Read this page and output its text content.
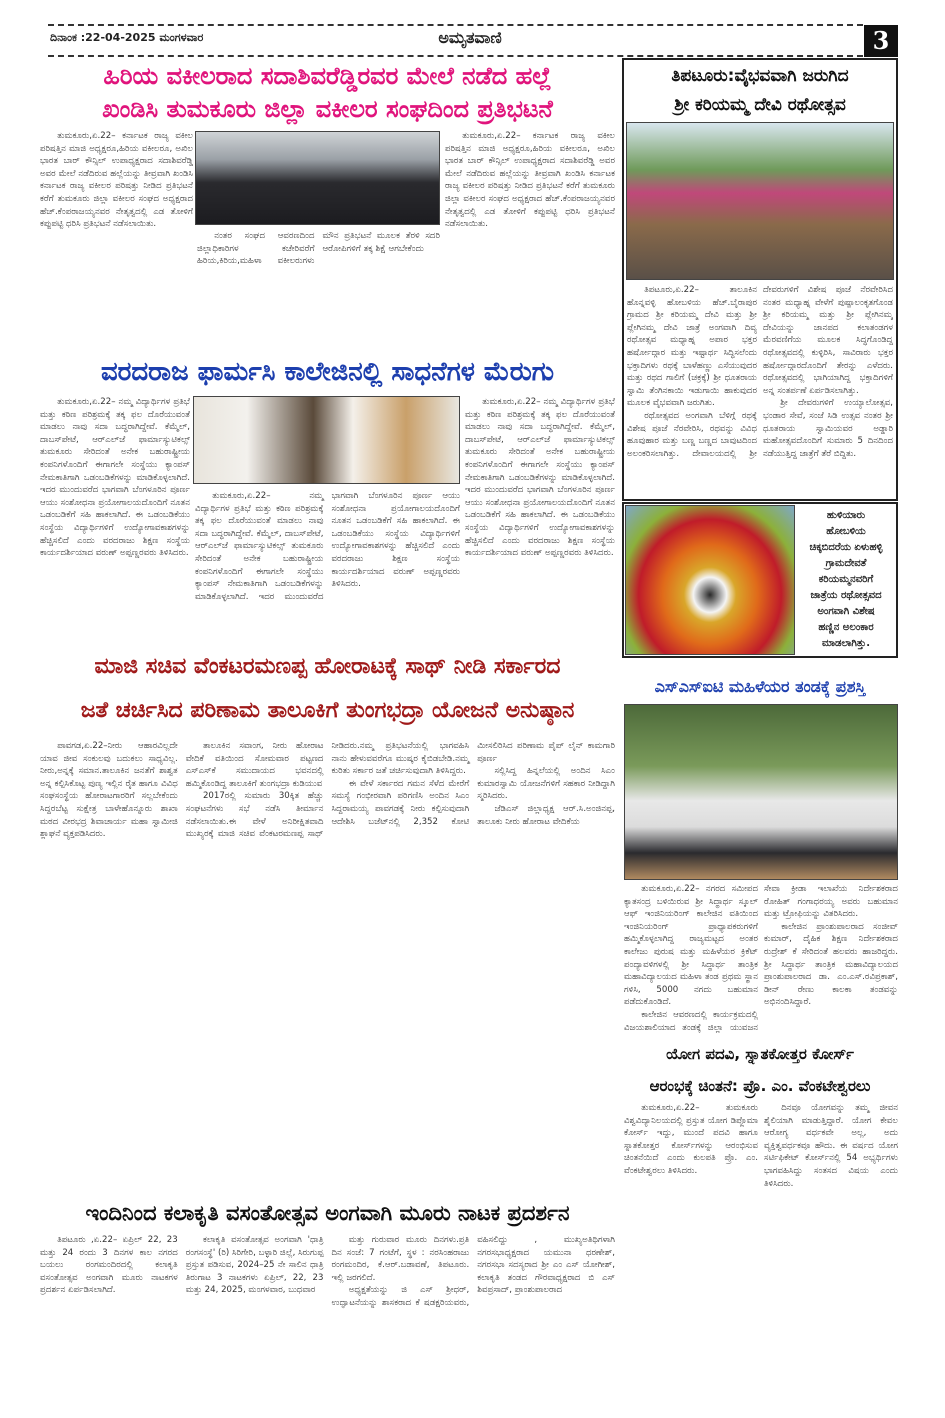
ದಿನಾಂಕ :22-04-2025 ಮಂಗಳವಾರ	ಅಮೃತವಾಣಿ	3
ಹಿರಿಯ ವಕೀಲರಾದ ಸದಾಶಿವರೆಡ್ಡಿರವರ ಮೇಲೆ ನಡೆದ ಹಲ್ಲೆ
ಖಂಡಿಸಿ ತುಮಕೂರು ಜಿಲ್ಲಾ ವಕೀಲರ ಸಂಘದಿಂದ ಪ್ರತಿಭಟನೆ

ತುಮಕೂರು,ಏ.22– ಕರ್ನಾಟಕ ರಾಜ್ಯ ವಕೀಲ ಪರಿಷತ್ತಿನ ಮಾಜಿ ಅಧ್ಯಕ್ಷರೂ,ಹಿರಿಯ ವಕೀಲರೂ, ಅಖಿಲ ಭಾರತ ಬಾರ್ ಕೌನ್ಸಿಲ್ ಉಪಾಧ್ಯಕ್ಷರಾದ ಸದಾಶಿವರೆಡ್ಡಿ ಅವರ ಮೇಲೆ ನಡೆದಿರುವ ಹಲ್ಲೆಯನ್ನು ತೀವ್ರವಾಗಿ ಖಂಡಿಸಿ ಕರ್ನಾಟಕ ರಾಜ್ಯ ವಕೀಲರ ಪರಿಷತ್ತು ನೀಡಿದ ಪ್ರತಿಭಟನೆ ಕರೆಗೆ ತುಮಕೂರು ಜಿಲ್ಲಾ ವಕೀಲರ ಸಂಘದ ಅಧ್ಯಕ್ಷರಾದ ಹೆಚ್.ಕೆಂಪರಾಜಯ್ಯನವರ ನೇತೃತ್ವದಲ್ಲಿ ಎಡ ತೋಳಿಗೆ ಕಪ್ಪುಪಟ್ಟಿ ಧರಿಸಿ ಪ್ರತಿಭಟನೆ ನಡೆಸಲಾಯಿತು.

ನಂತರ ಸಂಘದ ಆವರಣದಿಂದ ಜಿಲ್ಲಾಧಿಕಾರಿಗಳ ಕಚೇರಿವರೆಗೆ ಹಿರಿಯ,ಕಿರಿಯ,ಮಹಿಳಾ ವಕೀಲರುಗಳು ಮೌನ ಪ್ರತಿಭಟನೆ ಮೂಲಕ ತೆರಳಿ ಸದರಿ ಆರೋಪಿಗಳಿಗೆ ತಕ್ಕ ಶಿಕ್ಷೆ ಆಗಬೇಕೆಂದು

ತುಮಕೂರು,ಏ.22– ಕರ್ನಾಟಕ ರಾಜ್ಯ ವಕೀಲ ಪರಿಷತ್ತಿನ ಮಾಜಿ ಅಧ್ಯಕ್ಷರೂ,ಹಿರಿಯ ವಕೀಲರೂ, ಅಖಿಲ ಭಾರತ ಬಾರ್ ಕೌನ್ಸಿಲ್ ಉಪಾಧ್ಯಕ್ಷರಾದ ಸದಾಶಿವರೆಡ್ಡಿ ಅವರ ಮೇಲೆ ನಡೆದಿರುವ ಹಲ್ಲೆಯನ್ನು ತೀವ್ರವಾಗಿ ಖಂಡಿಸಿ ಕರ್ನಾಟಕ ರಾಜ್ಯ ವಕೀಲರ ಪರಿಷತ್ತು ನೀಡಿದ ಪ್ರತಿಭಟನೆ ಕರೆಗೆ ತುಮಕೂರು ಜಿಲ್ಲಾ ವಕೀಲರ ಸಂಘದ ಅಧ್ಯಕ್ಷರಾದ ಹೆಚ್.ಕೆಂಪರಾಜಯ್ಯನವರ ನೇತೃತ್ವದಲ್ಲಿ ಎಡ ತೋಳಿಗೆ ಕಪ್ಪುಪಟ್ಟಿ ಧರಿಸಿ ಪ್ರತಿಭಟನೆ ನಡೆಸಲಾಯಿತು.

ವರದರಾಜ ಫಾರ್ಮಸಿ ಕಾಲೇಜಿನಲ್ಲಿ ಸಾಧನೆಗಳ ಮೆರುಗು

ತುಮಕೂರು,ಏ.22– ನಮ್ಮ ವಿದ್ಯಾರ್ಥಿಗಳ ಪ್ರತಿಭೆ ಮತ್ತು ಕಠಿಣ ಪರಿಶ್ರಮಕ್ಕೆ ತಕ್ಕ ಫಲ ದೊರೆಯುವಂತೆ ಮಾಡಲು ನಾವು ಸದಾ ಬದ್ಧರಾಗಿದ್ದೇವೆ. ಕೆಮ್ಮೆಲ್, ದಾಬಸ್‌ಪೇಟೆ, ಆರ್‌ಎಲ್‌ಜೆ ಫಾರ್ಮಾಸ್ಯುಟಿಕಲ್ಸ್ ತುಮಕೂರು ಸೇರಿದಂತೆ ಅನೇಕ ಬಹುರಾಷ್ಟ್ರೀಯ ಕಂಪನಿಗಳೊಂದಿಗೆ ಈಗಾಗಲೇ ಸಂಸ್ಥೆಯು ಕ್ಯಾಂಪಸ್ ನೇಮಕಾತಿಗಾಗಿ ಒಡಂಬಡಿಕೆಗಳನ್ನು ಮಾಡಿಕೊಳ್ಳಲಾಗಿದೆ. ಇದರ ಮುಂದುವರೆದ ಭಾಗವಾಗಿ ಬೆಂಗಳೂರಿನ ಪೂರ್ಣ ಆಯು ಸಂಶೋಧನಾ ಪ್ರಯೋಗಾಲಯದೊಂದಿಗೆ ನೂತನ ಒಡಂಬಡಿಕೆಗೆ ಸಹಿ ಹಾಕಲಾಗಿದೆ. ಈ ಒಡಂಬಡಿಕೆಯು ಸಂಸ್ಥೆಯ ವಿದ್ಯಾರ್ಥಿಗಳಿಗೆ ಉದ್ಯೋಗಾವಕಾಶಗಳನ್ನು ಹೆಚ್ಚಿಸಲಿದೆ ಎಂದು ವರದರಾಜು ಶಿಕ್ಷಣ ಸಂಸ್ಥೆಯ ಕಾರ್ಯದರ್ಶಿಯಾದ ವರುಣ್ ಅಪ್ಪಣ್ಣರವರು ತಿಳಿಸಿದರು.

ತುಮಕೂರು,ಏ.22– ನಮ್ಮ ವಿದ್ಯಾರ್ಥಿಗಳ ಪ್ರತಿಭೆ ಮತ್ತು ಕಠಿಣ ಪರಿಶ್ರಮಕ್ಕೆ ತಕ್ಕ ಫಲ ದೊರೆಯುವಂತೆ ಮಾಡಲು ನಾವು ಸದಾ ಬದ್ಧರಾಗಿದ್ದೇವೆ. ಕೆಮ್ಮೆಲ್, ದಾಬಸ್‌ಪೇಟೆ, ಆರ್‌ಎಲ್‌ಜೆ ಫಾರ್ಮಾಸ್ಯುಟಿಕಲ್ಸ್ ತುಮಕೂರು ಸೇರಿದಂತೆ ಅನೇಕ ಬಹುರಾಷ್ಟ್ರೀಯ ಕಂಪನಿಗಳೊಂದಿಗೆ ಈಗಾಗಲೇ ಸಂಸ್ಥೆಯು ಕ್ಯಾಂಪಸ್ ನೇಮಕಾತಿಗಾಗಿ ಒಡಂಬಡಿಕೆಗಳನ್ನು ಮಾಡಿಕೊಳ್ಳಲಾಗಿದೆ. ಇದರ ಮುಂದುವರೆದ ಭಾಗವಾಗಿ ಬೆಂಗಳೂರಿನ ಪೂರ್ಣ ಆಯು ಸಂಶೋಧನಾ ಪ್ರಯೋಗಾಲಯದೊಂದಿಗೆ ನೂತನ ಒಡಂಬಡಿಕೆಗೆ ಸಹಿ ಹಾಕಲಾಗಿದೆ. ಈ ಒಡಂಬಡಿಕೆಯು ಸಂಸ್ಥೆಯ ವಿದ್ಯಾರ್ಥಿಗಳಿಗೆ ಉದ್ಯೋಗಾವಕಾಶಗಳನ್ನು ಹೆಚ್ಚಿಸಲಿದೆ ಎಂದು ವರದರಾಜು ಶಿಕ್ಷಣ ಸಂಸ್ಥೆಯ ಕಾರ್ಯದರ್ಶಿಯಾದ ವರುಣ್ ಅಪ್ಪಣ್ಣರವರು ತಿಳಿಸಿದರು.

ತುಮಕೂರು,ಏ.22– ನಮ್ಮ ವಿದ್ಯಾರ್ಥಿಗಳ ಪ್ರತಿಭೆ ಮತ್ತು ಕಠಿಣ ಪರಿಶ್ರಮಕ್ಕೆ ತಕ್ಕ ಫಲ ದೊರೆಯುವಂತೆ ಮಾಡಲು ನಾವು ಸದಾ ಬದ್ಧರಾಗಿದ್ದೇವೆ. ಕೆಮ್ಮೆಲ್, ದಾಬಸ್‌ಪೇಟೆ, ಆರ್‌ಎಲ್‌ಜೆ ಫಾರ್ಮಾಸ್ಯುಟಿಕಲ್ಸ್ ತುಮಕೂರು ಸೇರಿದಂತೆ ಅನೇಕ ಬಹುರಾಷ್ಟ್ರೀಯ ಕಂಪನಿಗಳೊಂದಿಗೆ ಈಗಾಗಲೇ ಸಂಸ್ಥೆಯು ಕ್ಯಾಂಪಸ್ ನೇಮಕಾತಿಗಾಗಿ ಒಡಂಬಡಿಕೆಗಳನ್ನು ಮಾಡಿಕೊಳ್ಳಲಾಗಿದೆ. ಇದರ ಮುಂದುವರೆದ ಭಾಗವಾಗಿ ಬೆಂಗಳೂರಿನ ಪೂರ್ಣ ಆಯು ಸಂಶೋಧನಾ ಪ್ರಯೋಗಾಲಯದೊಂದಿಗೆ ನೂತನ ಒಡಂಬಡಿಕೆಗೆ ಸಹಿ ಹಾಕಲಾಗಿದೆ. ಈ ಒಡಂಬಡಿಕೆಯು ಸಂಸ್ಥೆಯ ವಿದ್ಯಾರ್ಥಿಗಳಿಗೆ ಉದ್ಯೋಗಾವಕಾಶಗಳನ್ನು ಹೆಚ್ಚಿಸಲಿದೆ ಎಂದು ವರದರಾಜು ಶಿಕ್ಷಣ ಸಂಸ್ಥೆಯ ಕಾರ್ಯದರ್ಶಿಯಾದ ವರುಣ್ ಅಪ್ಪಣ್ಣರವರು ತಿಳಿಸಿದರು.

ಮಾಜಿ ಸಚಿವ ವೆಂಕಟರಮಣಪ್ಪ ಹೋರಾಟಕ್ಕೆ ಸಾಥ್ ನೀಡಿ ಸರ್ಕಾರದ
ಜತೆ ಚರ್ಚಿಸಿದ ಪರಿಣಾಮ ತಾಲೂಕಿಗೆ ತುಂಗಭದ್ರಾ ಯೋಜನೆ ಅನುಷ್ಠಾನ

ಪಾವಗಡ,ಏ.22–ನೀರು ಆಹಾರವಿಲ್ಲದೇ ಯಾವ ಜೀವ ಸಂಕುಲವು ಬದುಕಲು ಸಾಧ್ಯವಿಲ್ಲ. ನೀರು,ಅನ್ನಕ್ಕೆ ಸಮಾನ.ತಾಲೂಕಿನ ಜನತೆಗೆ ಶಾಶ್ವತ ಅನ್ನ ಕಲ್ಪಿಸಿಕೊಟ್ಟ ಪುಣ್ಯ ಇಲ್ಲಿನ ರೈತ ಹಾಗೂ ವಿವಿಧ ಸಂಘಸಂಸ್ಥೆಯ ಹೋರಾಟಗಾರರಿಗೆ ಸಲ್ಲಬೇಕೆಂದು ಸಿದ್ದರಬೆಟ್ಟ ಸುಕ್ಷೇತ್ರ ಬಾಳೇಹೊನ್ನೂರು ಶಾಖಾ ಮಠದ ವೀರಭದ್ರ ಶಿವಾಚಾರ್ಯ ಮಹಾ ಸ್ವಾಮೀಜಿ ಶ್ಲಾಘನೆ ವ್ಯಕ್ತಪಡಿಸಿದರು.

ತಾಲೂಕಿನ ಸವಾಂಗ, ನೀರು ಹೋರಾಟ ವೇದಿಕೆ ವತಿಯಿಂದ ಸೋಮವಾರ ಪಟ್ಟಣದ ಎಸ್‌ಎಸ್‌ಕೆ ಸಮುದಾಯದ ಭವನದಲ್ಲಿ ಹಮ್ಮಿಕೊಂಡಿದ್ದ ತಾಲೂಕಿಗೆ ತುಂಗಭದ್ರಾ ಕುಡಿಯುವ

2017ರಲ್ಲಿ ಸುಮಾರು 30ಕ್ಕಿತ ಹೆಚ್ಚು ಸಂಘಟನೆಗಳು ಸಭೆ ನಡೆಸಿ ತೀರ್ಮಾನ ನಡೆಸಲಾಯಿತು.ಈ ವೇಳೆ ಅನಿರೀಕ್ಷಿತವಾದಿ ಮುಖ್ಯರಕ್ಕೆ ಮಾಜಿ ಸಚಿವ ವೆಂಕಟರಮಣಪ್ಪ ಸಾಥ್ ನೀಡಿದರು.ನಮ್ಮ ಪ್ರತಿಭಟನೆಯಲ್ಲಿ ಭಾಗವಹಿಸಿ ನಾನು ಹೇಳುವವರೆಗೂ ಮುಷ್ಕರ ಕೈಬಿಡಬೇಡಿ.ನಮ್ಮ ಕುರಿತು ಸರ್ಕಾರ ಜತೆ ಚರ್ಚಿಸುವುದಾಗಿ ತಿಳಿಸಿದ್ದರು.

ಈ ವೇಳೆ ಸರ್ಕಾರದ ಗಮನ ಸೆಳೆದ ಮೇರೆಗೆ ಸಮಸ್ಯೆ ಗಂಭೀರವಾಗಿ ಪರಿಗಣಿಸಿ ಅಂದಿನ ಸಿಎಂ ಸಿದ್ದರಾಮಯ್ಯ ಪಾವಗಡಕ್ಕೆ ನೀರು ಕಲ್ಪಿಸುವುದಾಗಿ ಆದೇಶಿಸಿ ಬಜೆಟ್‌ನಲ್ಲಿ 2,352 ಕೋಟಿ ಮೀಸಲಿರಿಸಿದ ಪರಿಣಾಮ ಪೈಪ್ ಲೈನ್ ಕಾಮಗಾರಿ ಪೂರ್ಣ

ಸಲ್ಲಿಸಿದ್ದ ಹಿನ್ನಲೆಯಲ್ಲಿ ಅಂದಿನ ಸಿಎಂ ಕುಮಾರಸ್ವಾಮಿ ಯೋಜನೆಗಳಿಗೆ ಸಹಕಾರ ನೀಡಿದ್ದಾಗಿ ಸ್ಮರಿಸಿದರು.

ಜೆಡಿಎಸ್ ಜಿಲ್ಲಾಧ್ಯಕ್ಷ ಆರ್.ಸಿ.ಅಂಜಿನಪ್ಪ, ತಾಲೂಕು ನೀರು ಹೋರಾಟ ವೇದಿಕೆಯ

ಇಂದಿನಿಂದ ಕಲಾಕೃತಿ ವಸಂತೋತ್ಸವ ಅಂಗವಾಗಿ ಮೂರು ನಾಟಕ ಪ್ರದರ್ಶನ

ತಿಪಟೂರು ,ಏ.22– ಏಪ್ರಿಲ್ 22, 23 ಮತ್ತು 24 ರಂದು 3 ದಿನಗಳ ಕಾಲ ನಗರದ ಬಯಲು ರಂಗಮಂದಿರದಲ್ಲಿ ಕಲಾಕೃತಿ ವಸಂತೋತ್ಸವ ಅಂಗವಾಗಿ ಮೂರು ನಾಟಕಗಳ ಪ್ರದರ್ಶನ ಏರ್ಪಡಿಸಲಾಗಿದೆ.

ಕಲಾಕೃತಿ ವಸಂತೋತ್ಸವ ಅಂಗವಾಗಿ 'ಧಾತ್ರಿ ರಂಗಸಂಸ್ಥೆ' (ರಿ) ಸಿರಿಗೇರಿ, ಬಳ್ಳಾರಿ ಜಿಲ್ಲೆ, ಸಿರುಗುಪ್ಪ ಪ್ರಸ್ತುತ ಪಡಿಸುವ, 2024–25 ನೇ ಸಾಲಿನ ಧಾತ್ರಿ ತಿರುಗಾಟ 3 ನಾಟಕಗಳು ಏಪ್ರಿಲ್, 22, 23 ಮತ್ತು 24, 2025, ಮಂಗಳವಾರ, ಬುಧವಾರ

ಮತ್ತು ಗುರುವಾರ ಮೂರು ದಿನಗಳು.ಪ್ರತಿ ದಿನ ಸಂಜೆ: 7 ಗಂಟೆಗೆ, ಸ್ಥಳ : ನರಸಿಂಹರಾಜು ರಂಗಮಂದಿರ, ಕೆ.ಆರ್.ಬಡಾವಣೆ, ತಿಪಟೂರು. ಇಲ್ಲಿ ಜರಗಲಿದೆ.

ಅಧ್ಯಕ್ಷತೆಯನ್ನು ಜಿ ಎಸ್ ಶ್ರೀಧರ್, ಉದ್ಘಾಟನೆಯನ್ನು ಶಾಸಕರಾದ ಕೆ ಷಡಕ್ಷರಿಯವರು, ವಹಿಸಲಿದ್ದು , ಮುಖ್ಯಅತಿಥಿಗಳಾಗಿ ನಗರಸಭಾಧ್ಯಕ್ಷರಾದ ಯಮುನಾ ಧರಣೇಶ್, ನಗರಸಭಾ ಸದಸ್ಯರಾದ ಶ್ರೀ ಎಂ ಎಸ್ ಯೋಗೀಶ್, ಕಲಾಕೃತಿ ತಂಡದ ಗೌರವಾಧ್ಯಕ್ಷರಾದ ಬಿ ಎಸ್ ಶಿವಪ್ರಸಾದ್, ಪ್ರಾಂಶುಪಾಲರಾದ

ತಿಪಟೂರು:ವೈಭವವಾಗಿ ಜರುಗಿದ
ಶ್ರೀ ಕರಿಯಮ್ಮ ದೇವಿ ರಥೋತ್ಸವ

ತಿಪಟೂರು,ಏ.22– ತಾಲೂಕಿನ ಹೊನ್ನವಳ್ಳಿ ಹೋಬಳಿಯ ಹೆಚ್.ಬೈರಾಪುರ ಗ್ರಾಮದ ಶ್ರೀ ಕರಿಯಮ್ಮ ದೇವಿ ಮತ್ತು ಶ್ರೀ ಪ್ಲೇಗಿನಮ್ಮ ದೇವಿ ಜಾತ್ರೆ ಅಂಗವಾಗಿ ದಿವ್ಯ ರಥೋತ್ಸವ ಮಧ್ಯಾಹ್ನ ಅಪಾರ ಭಕ್ತರ ಹರ್ಷೋದ್ಗಾರ ಮತ್ತು ಇಷ್ಟಾರ್ಥ ಸಿದ್ಧಿಸಲೆಂದು ಭಕ್ತಾದಿಗಳು ರಥಕ್ಕೆ ಬಾಳೆಹಣ್ಣು ಎಸೆಯುವುದರ ಮತ್ತು ರಥದ ಗಾಲಿಗೆ (ಚಕ್ರಕ್ಕೆ) ಶ್ರೀ ಧೂತರಾಯ ಸ್ವಾಮಿ ತೆಂಗಿನಕಾಯಿ ಇಡುಗಾಯಿ ಹಾಕುವುದರ ಮೂಲಕ ವೈಭವವಾಗಿ ಜರುಗಿತು.

ರಥೋತ್ಸವದ ಅಂಗವಾಗಿ ಬೆಳಿಗ್ಗೆ ರಥಕ್ಕೆ ವಿಶೇಷ ಪೂಜೆ ನೆರವೇರಿಸಿ, ರಥವನ್ನು ವಿವಿಧ ಹೂವುಹಾರ ಮತ್ತು ಬಣ್ಣ ಬಣ್ಣದ ಬಾವುಟದಿಂದ ಅಲಂಕರಿಸಲಾಗಿತ್ತು. ದೇವಾಲಯದಲ್ಲಿ ಶ್ರೀ ದೇವರುಗಳಿಗೆ ವಿಶೇಷ ಪೂಜೆ ನೆರವೇರಿಸಿದ ನಂತರ ಮಧ್ಯಾಹ್ನ ವೇಳೆಗೆ ಪುಷ್ಪಾಲಂಕೃತಗೊಂಡ ಶ್ರೀ ಕರಿಯಮ್ಮ ಮತ್ತು ಶ್ರೀ ಪ್ಲೇಗಿನಮ್ಮ ದೇವಿಯನ್ನು ಜಾನಪದ ಕಲಾತಂಡಗಳ ಮೆರವಣಿಗೆಯ ಮೂಲಕ ಸಿದ್ಧಗೊಂಡಿದ್ದ ರಥೋತ್ಸವದಲ್ಲಿ ಕುಳ್ಳಿರಿಸಿ, ಸಾವಿರಾರು ಭಕ್ತರ ಹರ್ಷೋದ್ಗಾರದೊಂದಿಗೆ ತೇರನ್ನು ಎಳೆದರು. ರಥೋತ್ಸವದಲ್ಲಿ ಭಾಗಿಯಾಗಿದ್ದ ಭಕ್ತಾದಿಗಳಿಗೆ ಅನ್ನ ಸಂತರ್ಪಣೆ ಏರ್ಪಡಿಸಲಾಗಿತ್ತು.

ಶ್ರೀ ದೇವರುಗಳಿಗೆ ಉಯ್ಯಾಲೋತ್ಸವ, ಭಂಡಾರ ಸೇವೆ, ಸಂಜೆ ಸಿಡಿ ಉತ್ಸವ ನಂತರ ಶ್ರೀ ಧೂತರಾಯ ಸ್ವಾಮಿಯವರ ಅಡ್ಡಾರಿ ಮಹೋತ್ಸವದೊಂದಿಗೆ ಸುಮಾರು 5 ದಿನದಿಂದ ನಡೆಯುತ್ತಿದ್ದ ಜಾತ್ರೆಗೆ ತೆರೆ ಬಿದ್ದಿತು.

ಹುಳಿಯಾರು
ಹೋಬಳಿಯ
ಚಿಕ್ಕಬಿದರೆಯ ಏಳುಹಳ್ಳಿ
ಗ್ರಾಮದೇವತೆ
ಕರಿಯಮ್ಮನವರಿಗೆ
ಜಾತ್ರೆಯ ರಥೋತ್ಸವದ
ಅಂಗವಾಗಿ ವಿಶೇಷ
ಹಣ್ಣಿನ ಅಲಂಕಾರ
ಮಾಡಲಾಗಿತ್ತು.
ಎಸ್‌ಎಸ್‌ಐಟಿ ಮಹಿಳೆಯರ ತಂಡಕ್ಕೆ ಪ್ರಶಸ್ತಿ

ತುಮಕೂರು,ಏ.22– ನಗರದ ಸಮೀಪದ ಕ್ಯಾತಸಂದ್ರ ಬಳಿಯಿರುವ ಶ್ರೀ ಸಿದ್ಧಾರ್ಥ ಸ್ಕೂಲ್ ಆಫ್ ಇಂಜಿನಿಯರಿಂಗ್ ಕಾಲೇಜಿನ ವತಿಯಿಂದ ಇಂಜಿನಿಯರಿಂಗ್ ಪ್ರಾಧ್ಯಾಪಕರುಗಳಿಗೆ ಹಮ್ಮಿಕೊಳ್ಳಲಾಗಿದ್ದ ರಾಜ್ಯಮಟ್ಟದ ಅಂತರ ಕಾಲೇಜು ಪುರುಷ ಮತ್ತು ಮಹಿಳೆಯರ ಕ್ರಿಕೆಟ್ ಪಂದ್ಯಾವಳಿಗಳಲ್ಲಿ ಶ್ರೀ ಸಿದ್ಧಾರ್ಥ ತಾಂತ್ರಿಕ ಮಹಾವಿದ್ಯಾಲಯದ ಮಹಿಳಾ ತಂಡ ಪ್ರಥಮ ಸ್ಥಾನ ಗಳಿಸಿ, 5000 ನಗದು ಬಹುಮಾನ ಪಡೆದುಕೊಂಡಿದೆ.

ಕಾಲೇಜಿನ ಆವರಣದಲ್ಲಿ ಕಾರ್ಯಕ್ರಮದಲ್ಲಿ ವಿಜಯಶಾಲಿಯಾದ ತಂಡಕ್ಕೆ ಜಿಲ್ಲಾ ಯುವಜನ ಸೇವಾ ಕ್ರೀಡಾ ಇಲಾಖೆಯ ನಿರ್ದೇಶಕರಾದ ರೋಹಿತ್ ಗಂಗಾಧರಯ್ಯ ಅವರು ಬಹುಮಾನ ಮತ್ತು ಟ್ರೋಫಿಯನ್ನು ವಿತರಿಸಿದರು.

ಕಾಲೇಜಿನ ಪ್ರಾಂಶುಪಾಲರಾದ ಸಂಜೀವ್ ಕುಮಾರ್, ದೈಹಿಕ ಶಿಕ್ಷಣ ನಿರ್ದೇಶಕರಾದ ರುದ್ರೇಶ್ ಕೆ ಸೇರಿದಂತೆ ಹಲವರು ಹಾಜರಿದ್ದರು. ಶ್ರೀ ಸಿದ್ಧಾರ್ಥ ತಾಂತ್ರಿಕ ಮಹಾವಿದ್ಯಾಲಯದ ಪ್ರಾಂಶುಪಾಲರಾದ ಡಾ. ಎಂ.ಎಸ್.ರವಿಪ್ರಕಾಶ್, ಡೀನ್ ರೇಣು ಕಾಲಕಾ ತಂಡವನ್ನು ಅಭಿನಂದಿಸಿದ್ದಾರೆ.

ಯೋಗ ಪದವಿ, ಸ್ನಾತಕೋತ್ತರ ಕೋರ್ಸ್
ಆರಂಭಕ್ಕೆ ಚಿಂತನೆ: ಪ್ರೊ. ಎಂ. ವೆಂಕಟೇಶ್ವರಲು

ತುಮಕೂರು,ಏ.22– ತುಮಕೂರು ವಿಶ್ವವಿದ್ಯಾನಿಲಯದಲ್ಲಿ ಪ್ರಸ್ತುತ ಯೋಗ ಡಿಪ್ಲೊಮಾ ಕೋರ್ಸ್ ಇದ್ದು, ಮುಂದೆ ಪದವಿ ಹಾಗೂ ಸ್ನಾತಕೋತ್ತರ ಕೋರ್ಸ್‌ಗಳನ್ನು ಆರಂಭಿಸುವ ಚಿಂತನೆಯಿದೆ ಎಂದು ಕುಲಪತಿ ಪ್ರೊ. ಎಂ. ವೆಂಕಟೇಶ್ವರಲು ತಿಳಿಸಿದರು.

ದಿನವೂ ಯೋಗವನ್ನು ತಮ್ಮ ಜೀವನ ಶೈಲಿಯಾಗಿ ಮಾಡುತ್ತಿದ್ದಾರೆ. ಯೋಗ ಕೇವಲ ಆರೋಗ್ಯ ವರ್ಧಕವೇ ಅಲ್ಲ, ಅದು ವ್ಯಕ್ತಿತ್ವವರ್ಧಕವೂ ಹೌದು. ಈ ವರ್ಷದ ಯೋಗ ಸರ್ಟಿಫಿಕೇಟ್ ಕೋರ್ಸ್‌ನಲ್ಲಿ 54 ಅಭ್ಯರ್ಥಿಗಳು ಭಾಗವಹಿಸಿದ್ದು ಸಂತಸದ ವಿಷಯ ಎಂದು ತಿಳಿಸಿದರು.
